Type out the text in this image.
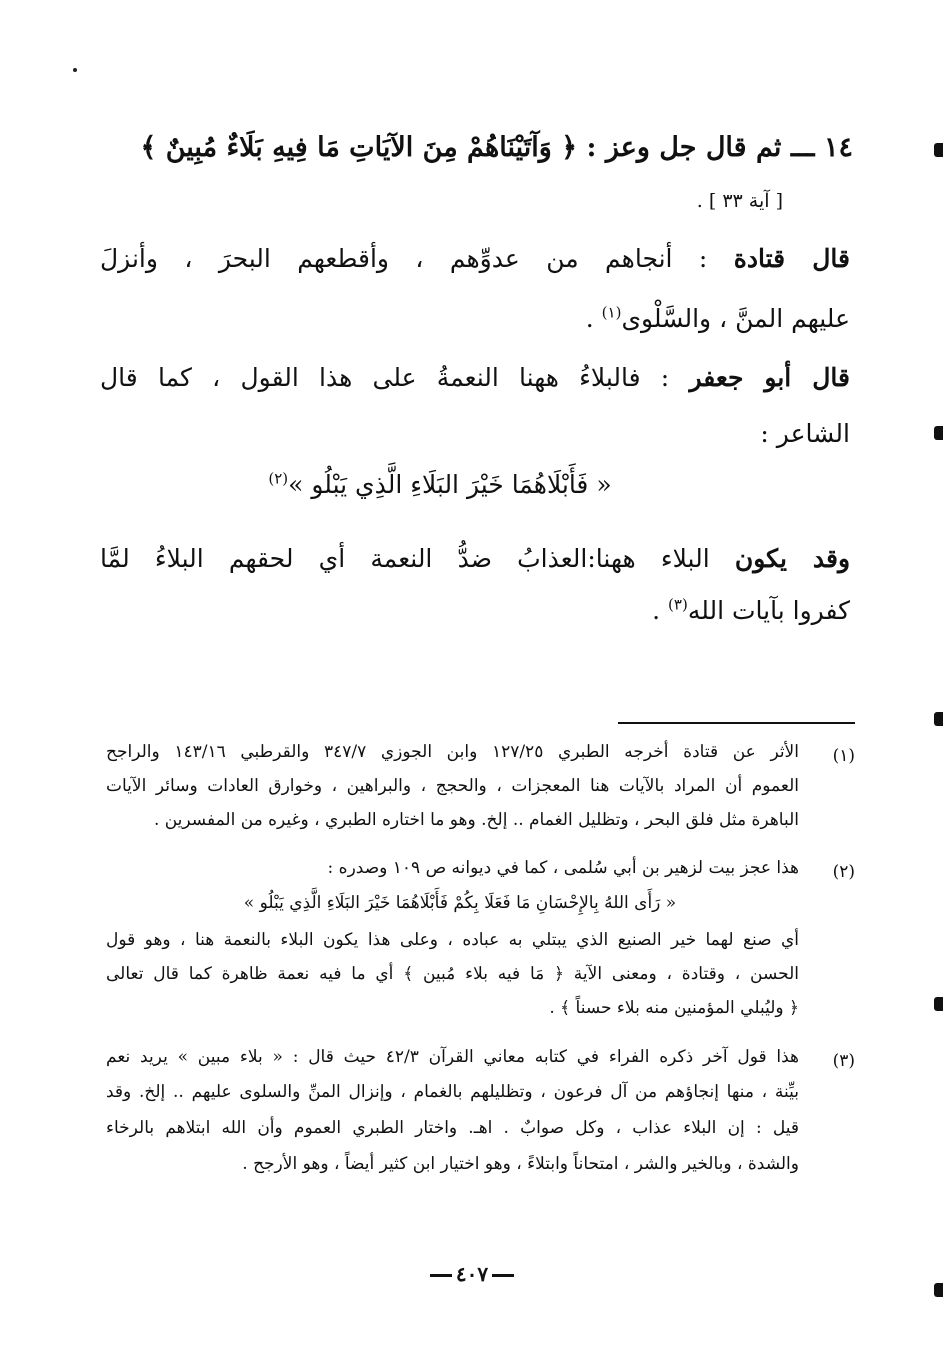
١٤ ـــ ثم قال جل وعز : ﴿ وَآتَيْنَاهُمْ مِنَ الآيَاتِ مَا فِيهِ بَلَاءٌ مُبِينٌ ﴾
[ آية ٣٣ ] .
قال قتادة : أنجاهم من عدوِّهم ، وأقطعهم البحرَ ، وأنزلَ
عليهم المنَّ ، والسَّلْوى$^{(١)}$ .
قال أبو جعفر : فالبلاءُ ههنا النعمةُ على هذا القول ، كما قال
الشاعر :
« فَأَبْلَاهُمَا خَيْرَ البَلَاءِ الَّذِي يَبْلُو »$^{(٢)}$
وقد يكون البلاء ههنا:العذابُ ضدُّ النعمة أي لحقهم البلاءُ لمَّا
كفروا بآيات الله$^{(٣)}$ .
(١)
الأثر عن قتادة أخرجه الطبري ١٢٧/٢٥ وابن الجوزي ٣٤٧/٧ والقرطبي ١٤٣/١٦ والراجح
العموم أن المراد بالآيات هنا المعجزات ، والحجج ، والبراهين ، وخوارق العادات وسائر الآيات
الباهرة مثل فلق البحر ، وتظليل الغمام .. إلخ. وهو ما اختاره الطبري ، وغيره من المفسرين .
(٢)
هذا عجز بيت لزهير بن أبي سُلمى ، كما في ديوانه ص ١٠٩ وصدره :
« رَأَى اللهُ بِالإِحْسَانِ مَا فَعَلَا بِكُمْ فَأَبْلَاهُمَا خَيْرَ البَلَاءِ الَّذِي يَبْلُو »
أي صنع لهما خير الصنيع الذي يبتلي به عباده ، وعلى هذا يكون البلاء بالنعمة هنا ، وهو قول
الحسن ، وقتادة ، ومعنى الآية ﴿ مَا فيه بلاء مُبين ﴾ أي ما فيه نعمة ظاهرة كما قال تعالى
﴿ وليُبلي المؤمنين منه بلاء حسناً ﴾ .
(٣)
هذا قول آخر ذكره الفراء في كتابه معاني القرآن ٤٢/٣ حيث قال : « بلاء مبين » يريد نعم
بيِّنة ، منها إنجاؤهم من آل فرعون ، وتظليلهم بالغمام ، وإنزال المنِّ والسلوى عليهم .. إلخ. وقد
قيل : إن البلاء عذاب ، وكل صوابٌ . اهـ. واختار الطبري العموم وأن الله ابتلاهم بالرخاء
والشدة ، وبالخير والشر ، امتحاناً وابتلاءً ، وهو اختيار ابن كثير أيضاً ، وهو الأرجح .
٤٠٧
